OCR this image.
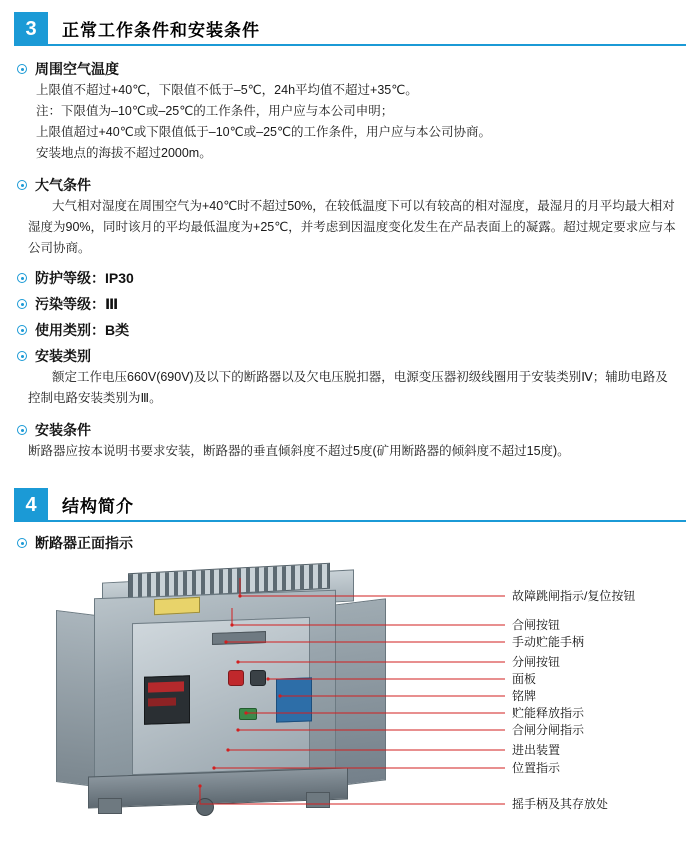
3	正常工作条件和安装条件
周围空气温度

上限值不超过+40℃，下限值不低于–5℃，24h平均值不超过+35℃。

注：下限值为–10℃或–25℃的工作条件，用户应与本公司申明；

上限值超过+40℃或下限值低于–10℃或–25℃的工作条件，用户应与本公司协商。

安装地点的海拔不超过2000m。

大气条件

大气相对湿度在周围空气为+40℃时不超过50%，在较低温度下可以有较高的相对湿度，最湿月的月平均最大相对湿度为90%，同时该月的平均最低温度为+25℃，并考虑到因温度变化发生在产品表面上的凝露。超过规定要求应与本公司协商。

防护等级：IP30
污染等级：Ⅲ
使用类别：B类
安装类别

额定工作电压660V(690V)及以下的断路器以及欠电压脱扣器，电源变压器初级线圈用于安装类别Ⅳ；辅助电路及控制电路安装类别为Ⅲ。

安装条件

断路器应按本说明书要求安装，断路器的垂直倾斜度不超过5度(矿用断路器的倾斜度不超过15度)。

4	结构简介
断路器正面指示
故障跳闸指示/复位按钮
合闸按钮
手动贮能手柄
分闸按钮
面板
铭牌
贮能释放指示
合闸分闸指示
进出装置
位置指示
摇手柄及其存放处
